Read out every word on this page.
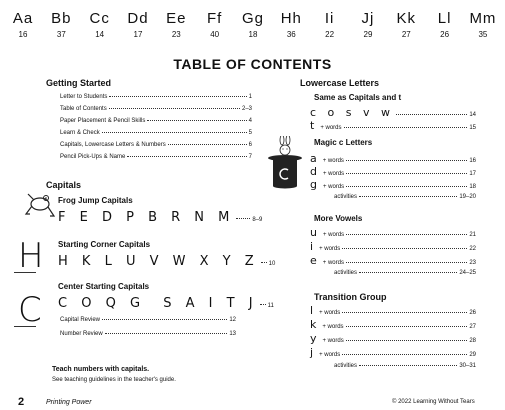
Aa
16
Bb
37
Cc
14
Dd
17
Ee
23
Ff
40
Gg
18
Hh
36
Ii
22
Jj
29
Kk
27
Ll
26
Mm
35
TABLE OF CONTENTS
Getting Started
Letter to Students	1
Table of Contents	2–3
Paper Placement & Pencil Skills	4
Learn & Check	5
Capitals, Lowercase Letters & Numbers	6
Pencil Pick-Ups & Name	7
Capitals
Frog Jump Capitals
F E D P B R N M	8–9
H Starting Corner Capitals
H K L U V W X Y Z 10
C
Center Starting Capitals
C O Q G  S A I T J 11
Capital Review	12
Number Review	13
Teach numbers with capitals.
See teaching guidelines in the teacher's guide.
Lowercase Letters
Same as Capitals and t
c o s v w	14
t + words	15
Magic c Letters
a + words	16
d + words	17
g + words	18
activities	19–20
More Vowels
u + words	21
i + words	22
e + words	23
activities	24–25
Transition Group
l + words	26
k + words	27
y + words	28
j + words	29
activities	30–31
2	Printing Power	© 2022 Learning Without Tears
